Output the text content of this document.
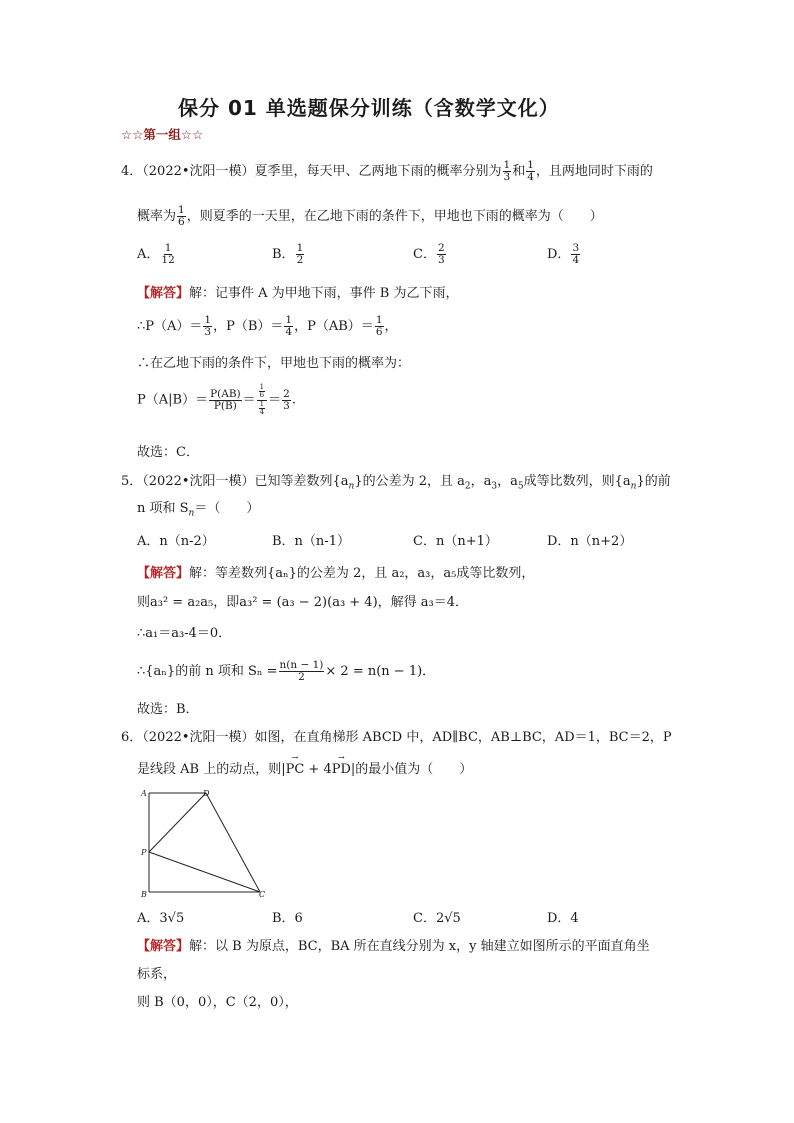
保分 01 单选题保分训练（含数学文化）
☆☆第一组☆☆
4．（2022•沈阳一模）夏季里，每天甲、乙两地下雨的概率分别为 $\frac{1}{3}$ 和 $\frac{1}{4}$ ，且两地同时下雨的
概率为 $\frac{1}{6}$ ，则夏季的一天里，在乙地下雨的条件下，甲地也下雨的概率为（　　）
A． $\frac{1}{12}$	B． $\frac{1}{2}$	C． $\frac{2}{3}$	D． $\frac{3}{4}$
【解答】解：记事件 A 为甲地下雨，事件 B 为乙下雨，
∴P（A）＝ $\frac{1}{3}$ ，$P(B)= \frac{1}{4}$ ，$P(AB)= \frac{1}{6}$ ，
∴在乙地下雨的条件下，甲地也下雨的概率为：
$P(A|B)= \frac{P(AB)}{P(B)} = \frac{\frac{1}{6}}{\frac{1}{4}} = \frac{2}{3}$ .
故选：C．
5．（2022•沈阳一模）已知等差数列$\{a_n\}$的公差为 2，且 $a_2$，$a_3$，$a_5$成等比数列，则$\{a_n\}$的前
n 项和 $S_n=$（　　）
A．n（n-2）	B．n（n-1）	C．n（n+1）	D．n（n+2）
【解答】解：等差数列{aₙ}的公差为 2，且 a₂，a₃，a₅成等比数列，
则a₃² = a₂a₅，即a₃² = (a₃ − 2)(a₃ + 4)，解得 a₃＝4．
∴a₁＝a₃-4＝0．
∴{aₙ}的前 n 项和 $S_n = \frac{n(n - 1)}{2} \times 2 = n(n - 1)$．
故选：B．
6．（2022•沈阳一模）如图，在直角梯形 ABCD 中，AD∥BC，AB⊥BC，AD＝1，BC＝2，P
是线段 AB 上的动点，则|→ PC + 4→ PD|的最小值为（　　）
A	D
P
B	C
A．3√5	B．6	C．2√5	D．4
【解答】解：以 B 为原点，BC，BA 所在直线分别为 x，y 轴建立如图所示的平面直角坐
标系，
则 B（0，0），C（2，0），
